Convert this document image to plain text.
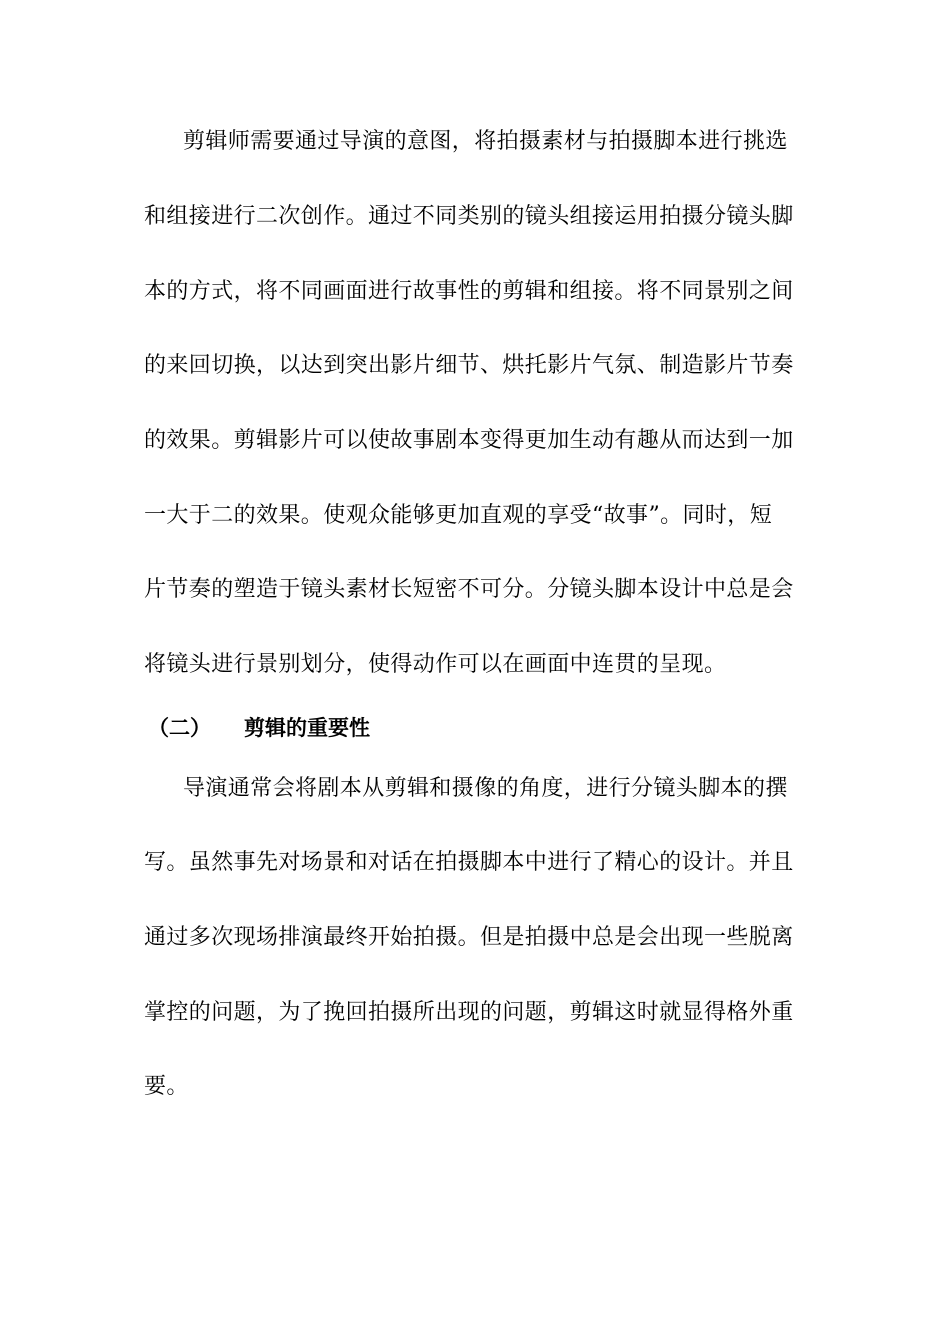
剪辑师需要通过导演的意图，将拍摄素材与拍摄脚本进行挑选
和组接进行二次创作。通过不同类别的镜头组接运用拍摄分镜头脚
本的方式，将不同画面进行故事性的剪辑和组接。将不同景别之间
的来回切换，以达到突出影片细节、烘托影片气氛、制造影片节奏
的效果。剪辑影片可以使故事剧本变得更加生动有趣从而达到一加
一大于二的效果。使观众能够更加直观的享受“故事”。同时，短
片节奏的塑造于镜头素材长短密不可分。分镜头脚本设计中总是会
将镜头进行景别划分，使得动作可以在画面中连贯的呈现。
（二） 剪辑的重要性
导演通常会将剧本从剪辑和摄像的角度，进行分镜头脚本的撰
写。虽然事先对场景和对话在拍摄脚本中进行了精心的设计。并且
通过多次现场排演最终开始拍摄。但是拍摄中总是会出现一些脱离
掌控的问题，为了挽回拍摄所出现的问题，剪辑这时就显得格外重
要。
